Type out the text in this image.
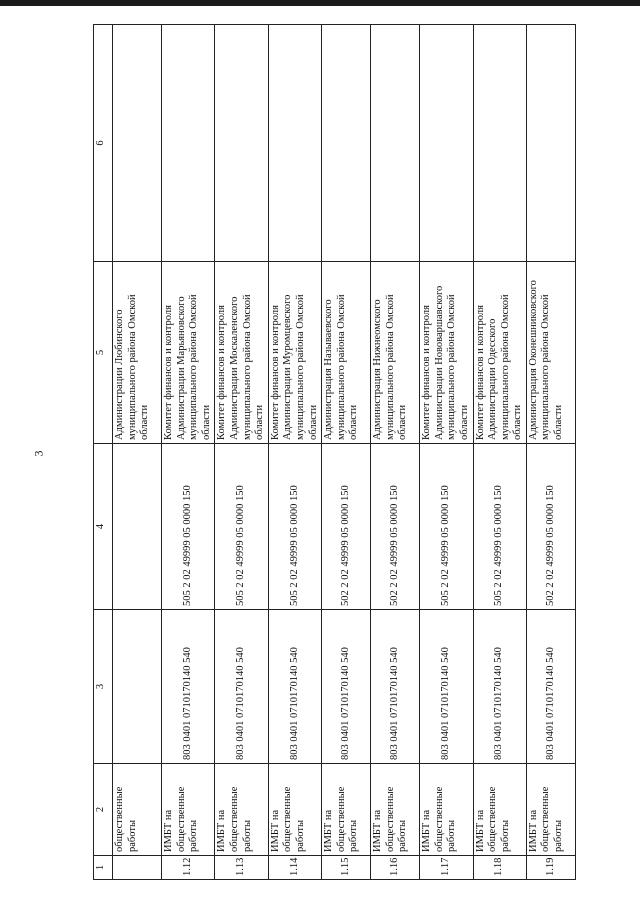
3
1	2	3	4	5	6
	общественные работы			Администрации Любинского муниципального района Омской области	
1.12	ИМБТ на общественные работы	803 0401 0710170140 540	505 2 02 49999 05 0000 150	Комитет финансов и контроля Администрации Марьяновского муниципального района Омской области	
1.13	ИМБТ на общественные работы	803 0401 0710170140 540	505 2 02 49999 05 0000 150	Комитет финансов и контроля Администрации Москаленского муниципального района Омской области	
1.14	ИМБТ на общественные работы	803 0401 0710170140 540	505 2 02 49999 05 0000 150	Комитет финансов и контроля Администрации Муромцевского муниципального района Омской области	
1.15	ИМБТ на общественные работы	803 0401 0710170140 540	502 2 02 49999 05 0000 150	Администрация Называевского муниципального района Омской области	
1.16	ИМБТ на общественные работы	803 0401 0710170140 540	502 2 02 49999 05 0000 150	Администрация Нижнеомского муниципального района Омской области	
1.17	ИМБТ на общественные работы	803 0401 0710170140 540	505 2 02 49999 05 0000 150	Комитет финансов и контроля Администрации Нововаршавского муниципального района Омской области	
1.18	ИМБТ на общественные работы	803 0401 0710170140 540	505 2 02 49999 05 0000 150	Комитет финансов и контроля Администрации Одесского муниципального района Омской области	
1.19	ИМБТ на общественные работы	803 0401 0710170140 540	502 2 02 49999 05 0000 150	Администрация Оконешниковского муниципального района Омской области	
